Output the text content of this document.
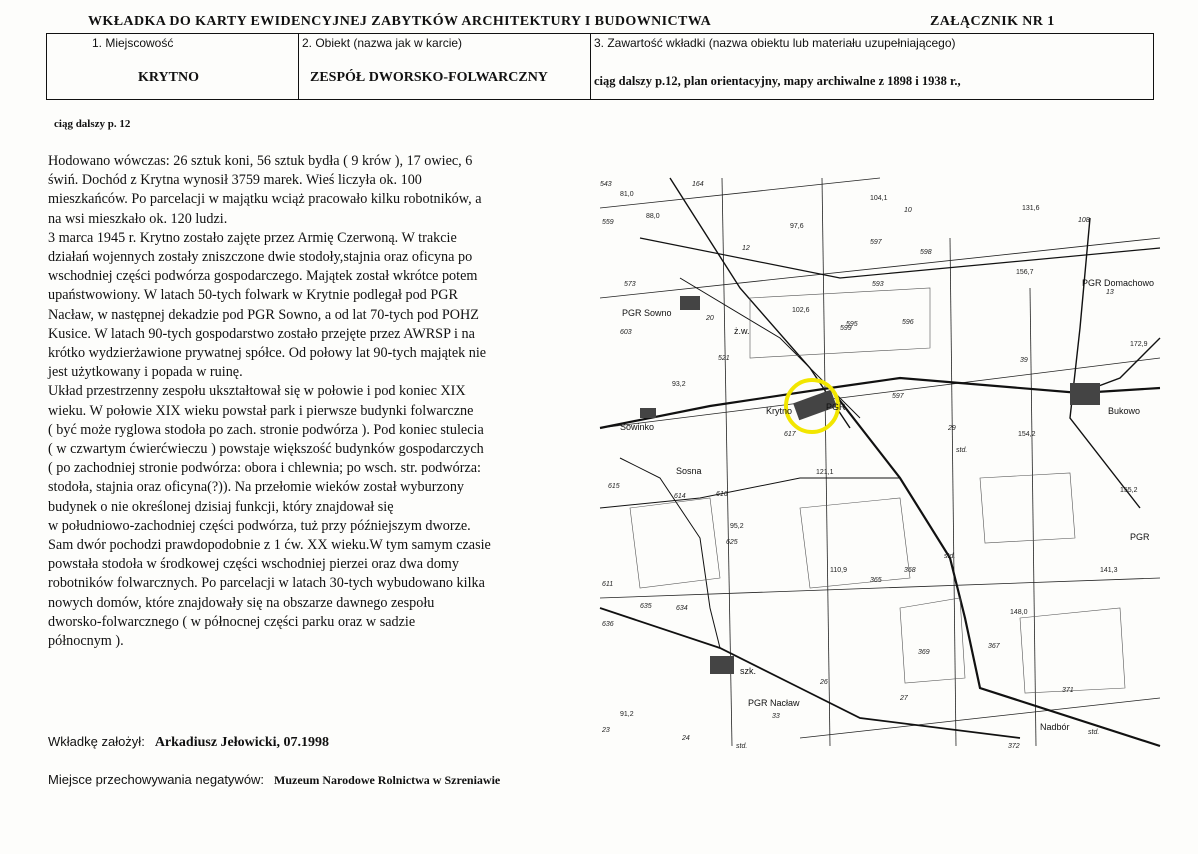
WKŁADKA DO KARTY EWIDENCYJNEJ ZABYTKÓW ARCHITEKTURY I BUDOWNICTWA	ZAŁĄCZNIK NR 1
1. Miejscowość
KRYTNO
2. Obiekt (nazwa jak w karcie)
ZESPÓŁ DWORSKO-FOLWARCZNY
3. Zawartość wkładki (nazwa obiektu lub materiału uzupełniającego)
ciąg dalszy p.12, plan orientacyjny, mapy archiwalne z 1898 i 1938 r.,
ciąg dalszy p. 12
Hodowano wówczas: 26 sztuk koni, 56 sztuk bydła ( 9 krów ), 17 owiec, 6
świń. Dochód z Krytna wynosił 3759 marek. Wieś liczyła ok. 100
mieszkańców. Po parcelacji w majątku wciąż pracowało kilku robotników, a
na wsi mieszkało ok. 120 ludzi.
3 marca 1945 r. Krytno zostało zajęte przez Armię Czerwoną. W trakcie
działań wojennych zostały zniszczone dwie stodoły,stajnia oraz oficyna po
wschodniej części podwórza gospodarczego. Majątek został wkrótce potem
upaństwowiony. W latach 50-tych folwark w Krytnie podlegał pod PGR
Nacław, w następnej dekadzie pod PGR Sowno, a od lat 70-tych pod POHZ
Kusice. W latach 90-tych gospodarstwo zostało przejęte przez AWRSP i na
krótko wydzierżawione prywatnej spółce. Od połowy lat 90-tych majątek nie
jest użytkowany i popada w ruinę.
Układ przestrzenny zespołu ukształtował się w połowie i pod koniec XIX
wieku. W połowie XIX wieku powstał park i pierwsze budynki folwarczne
( być może ryglowa stodoła po zach. stronie podwórza ). Pod koniec stulecia
( w czwartym ćwierćwieczu ) powstaje większość budynków gospodarczych
( po zachodniej stronie podwórza: obora i chlewnia; po wsch. str. podwórza:
stodoła, stajnia oraz oficyna(?)). Na przełomie wieków został wyburzony
budynek o nie określonej dzisiaj funkcji, który znajdował się
w południowo-zachodniej części podwórza, tuż przy późniejszym dworze.
Sam dwór pochodzi prawdopodobnie z 1 ćw. XX wieku.W tym samym czasie
powstała stodoła w środkowej części wschodniej pierzei oraz dwa domy
robotników folwarcznych. Po parcelacji w latach 30-tych wybudowano kilka
nowych domów, które znajdowały się na obszarze dawnego zespołu
dworsko-folwarcznego ( w północnej części parku oraz w sadzie
północnym ).
Wkładkę założył: Arkadiusz Jełowicki, 07.1998
Miejsce przechowywania negatywów: Muzeum Narodowe Rolnictwa w Szreniawie
Krytno	PGR
Sowinko
PGR Sowno
PGR Domachowo
Bukowo
PGR Nacław
Nadbór
Sosna
szk.
ż.w.
PGR
81,0
88,0
104,1
97,6
131,6
156,7
102,6
172,9
93,2
154,2
121,1
155,2
95,2
110,9	141,3
148,0
91,2
543
559
164
10
12
108
597
598
593
573
13
595
599
596
603
20
521
597
617
616
614
625
611
615
365
368
635	634
636
369
367
26
371
27
23
24
33
372
29
39
std.
std.
std.
std.
